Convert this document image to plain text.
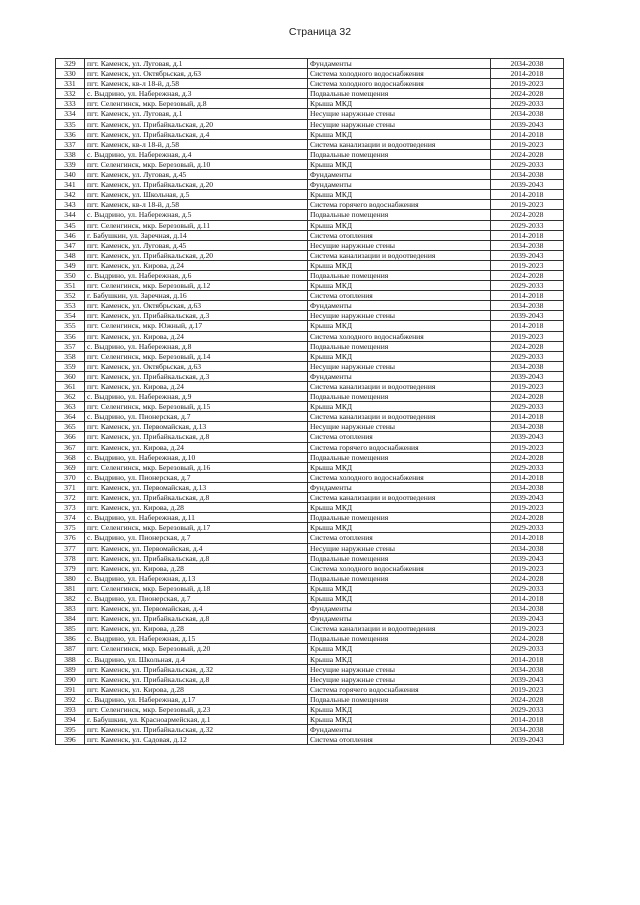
Страница 32
329	пгт. Каменск, ул. Луговая, д.1	Фундаменты	2034-2038
330	пгт. Каменск, ул. Октябрьская, д.63	Система холодного водоснабжения	2014-2018
331	пгт. Каменск, кв-л 18-й, д.58	Система холодного водоснабжения	2019-2023
332	с. Выдрино, ул. Набережная, д.3	Подвальные помещения	2024-2028
333	пгт. Селенгинск, мкр. Березовый, д.8	Крыша МКД	2029-2033
334	пгт. Каменск, ул. Луговая, д.1	Несущие наружные стены	2034-2038
335	пгт. Каменск, ул. Прибайкальская, д.20	Несущие наружные стены	2039-2043
336	пгт. Каменск, ул. Прибайкальская, д.4	Крыша МКД	2014-2018
337	пгт. Каменск, кв-л 18-й, д.58	Система канализации и водоотведения	2019-2023
338	с. Выдрино, ул. Набережная, д.4	Подвальные помещения	2024-2028
339	пгт. Селенгинск, мкр. Березовый, д.10	Крыша МКД	2029-2033
340	пгт. Каменск, ул. Луговая, д.45	Фундаменты	2034-2038
341	пгт. Каменск, ул. Прибайкальская, д.20	Фундаменты	2039-2043
342	пгт. Каменск, ул. Школьная, д.5	Крыша МКД	2014-2018
343	пгт. Каменск, кв-л 18-й, д.58	Система горячего водоснабжения	2019-2023
344	с. Выдрино, ул. Набережная, д.5	Подвальные помещения	2024-2028
345	пгт. Селенгинск, мкр. Березовый, д.11	Крыша МКД	2029-2033
346	г. Бабушкин, ул. Заречная, д.14	Система отопления	2014-2018
347	пгт. Каменск, ул. Луговая, д.45	Несущие наружные стены	2034-2038
348	пгт. Каменск, ул. Прибайкальская, д.20	Система канализации и водоотведения	2039-2043
349	пгт. Каменск, ул. Кирова, д.24	Крыша МКД	2019-2023
350	с. Выдрино, ул. Набережная, д.6	Подвальные помещения	2024-2028
351	пгт. Селенгинск, мкр. Березовый, д.12	Крыша МКД	2029-2033
352	г. Бабушкин, ул. Заречная, д.16	Система отопления	2014-2018
353	пгт. Каменск, ул. Октябрьская, д.63	Фундаменты	2034-2038
354	пгт. Каменск, ул. Прибайкальская, д.3	Несущие наружные стены	2039-2043
355	пгт. Селенгинск, мкр. Южный, д.17	Крыша МКД	2014-2018
356	пгт. Каменск, ул. Кирова, д.24	Система холодного водоснабжения	2019-2023
357	с. Выдрино, ул. Набережная, д.8	Подвальные помещения	2024-2028
358	пгт. Селенгинск, мкр. Березовый, д.14	Крыша МКД	2029-2033
359	пгт. Каменск, ул. Октябрьская, д.63	Несущие наружные стены	2034-2038
360	пгт. Каменск, ул. Прибайкальская, д.3	Фундаменты	2039-2043
361	пгт. Каменск, ул. Кирова, д.24	Система канализации и водоотведения	2019-2023
362	с. Выдрино, ул. Набережная, д.9	Подвальные помещения	2024-2028
363	пгт. Селенгинск, мкр. Березовый, д.15	Крыша МКД	2029-2033
364	с. Выдрино, ул. Пионерская, д.7	Система канализации и водоотведения	2014-2018
365	пгт. Каменск, ул. Первомайская, д.13	Несущие наружные стены	2034-2038
366	пгт. Каменск, ул. Прибайкальская, д.8	Система отопления	2039-2043
367	пгт. Каменск, ул. Кирова, д.24	Система горячего водоснабжения	2019-2023
368	с. Выдрино, ул. Набережная, д.10	Подвальные помещения	2024-2028
369	пгт. Селенгинск, мкр. Березовый, д.16	Крыша МКД	2029-2033
370	с. Выдрино, ул. Пионерская, д.7	Система холодного водоснабжения	2014-2018
371	пгт. Каменск, ул. Первомайская, д.13	Фундаменты	2034-2038
372	пгт. Каменск, ул. Прибайкальская, д.8	Система канализации и водоотведения	2039-2043
373	пгт. Каменск, ул. Кирова, д.28	Крыша МКД	2019-2023
374	с. Выдрино, ул. Набережная, д.11	Подвальные помещения	2024-2028
375	пгт. Селенгинск, мкр. Березовый, д.17	Крыша МКД	2029-2033
376	с. Выдрино, ул. Пионерская, д.7	Система отопления	2014-2018
377	пгт. Каменск, ул. Первомайская, д.4	Несущие наружные стены	2034-2038
378	пгт. Каменск, ул. Прибайкальская, д.8	Подвальные помещения	2039-2043
379	пгт. Каменск, ул. Кирова, д.28	Система холодного водоснабжения	2019-2023
380	с. Выдрино, ул. Набережная, д.13	Подвальные помещения	2024-2028
381	пгт. Селенгинск, мкр. Березовый, д.18	Крыша МКД	2029-2033
382	с. Выдрино, ул. Пионерская, д.7	Крыша МКД	2014-2018
383	пгт. Каменск, ул. Первомайская, д.4	Фундаменты	2034-2038
384	пгт. Каменск, ул. Прибайкальская, д.8	Фундаменты	2039-2043
385	пгт. Каменск, ул. Кирова, д.28	Система канализации и водоотведения	2019-2023
386	с. Выдрино, ул. Набережная, д.15	Подвальные помещения	2024-2028
387	пгт. Селенгинск, мкр. Березовый, д.20	Крыша МКД	2029-2033
388	с. Выдрино, ул. Школьная, д.4	Крыша МКД	2014-2018
389	пгт. Каменск, ул. Прибайкальская, д.32	Несущие наружные стены	2034-2038
390	пгт. Каменск, ул. Прибайкальская, д.8	Несущие наружные стены	2039-2043
391	пгт. Каменск, ул. Кирова, д.28	Система горячего водоснабжения	2019-2023
392	с. Выдрино, ул. Набережная, д.17	Подвальные помещения	2024-2028
393	пгт. Селенгинск, мкр. Березовый, д.23	Крыша МКД	2029-2033
394	г. Бабушкин, ул. Красноармейская, д.1	Крыша МКД	2014-2018
395	пгт. Каменск, ул. Прибайкальская, д.32	Фундаменты	2034-2038
396	пгт. Каменск, ул. Садовая, д.12	Система отопления	2039-2043
